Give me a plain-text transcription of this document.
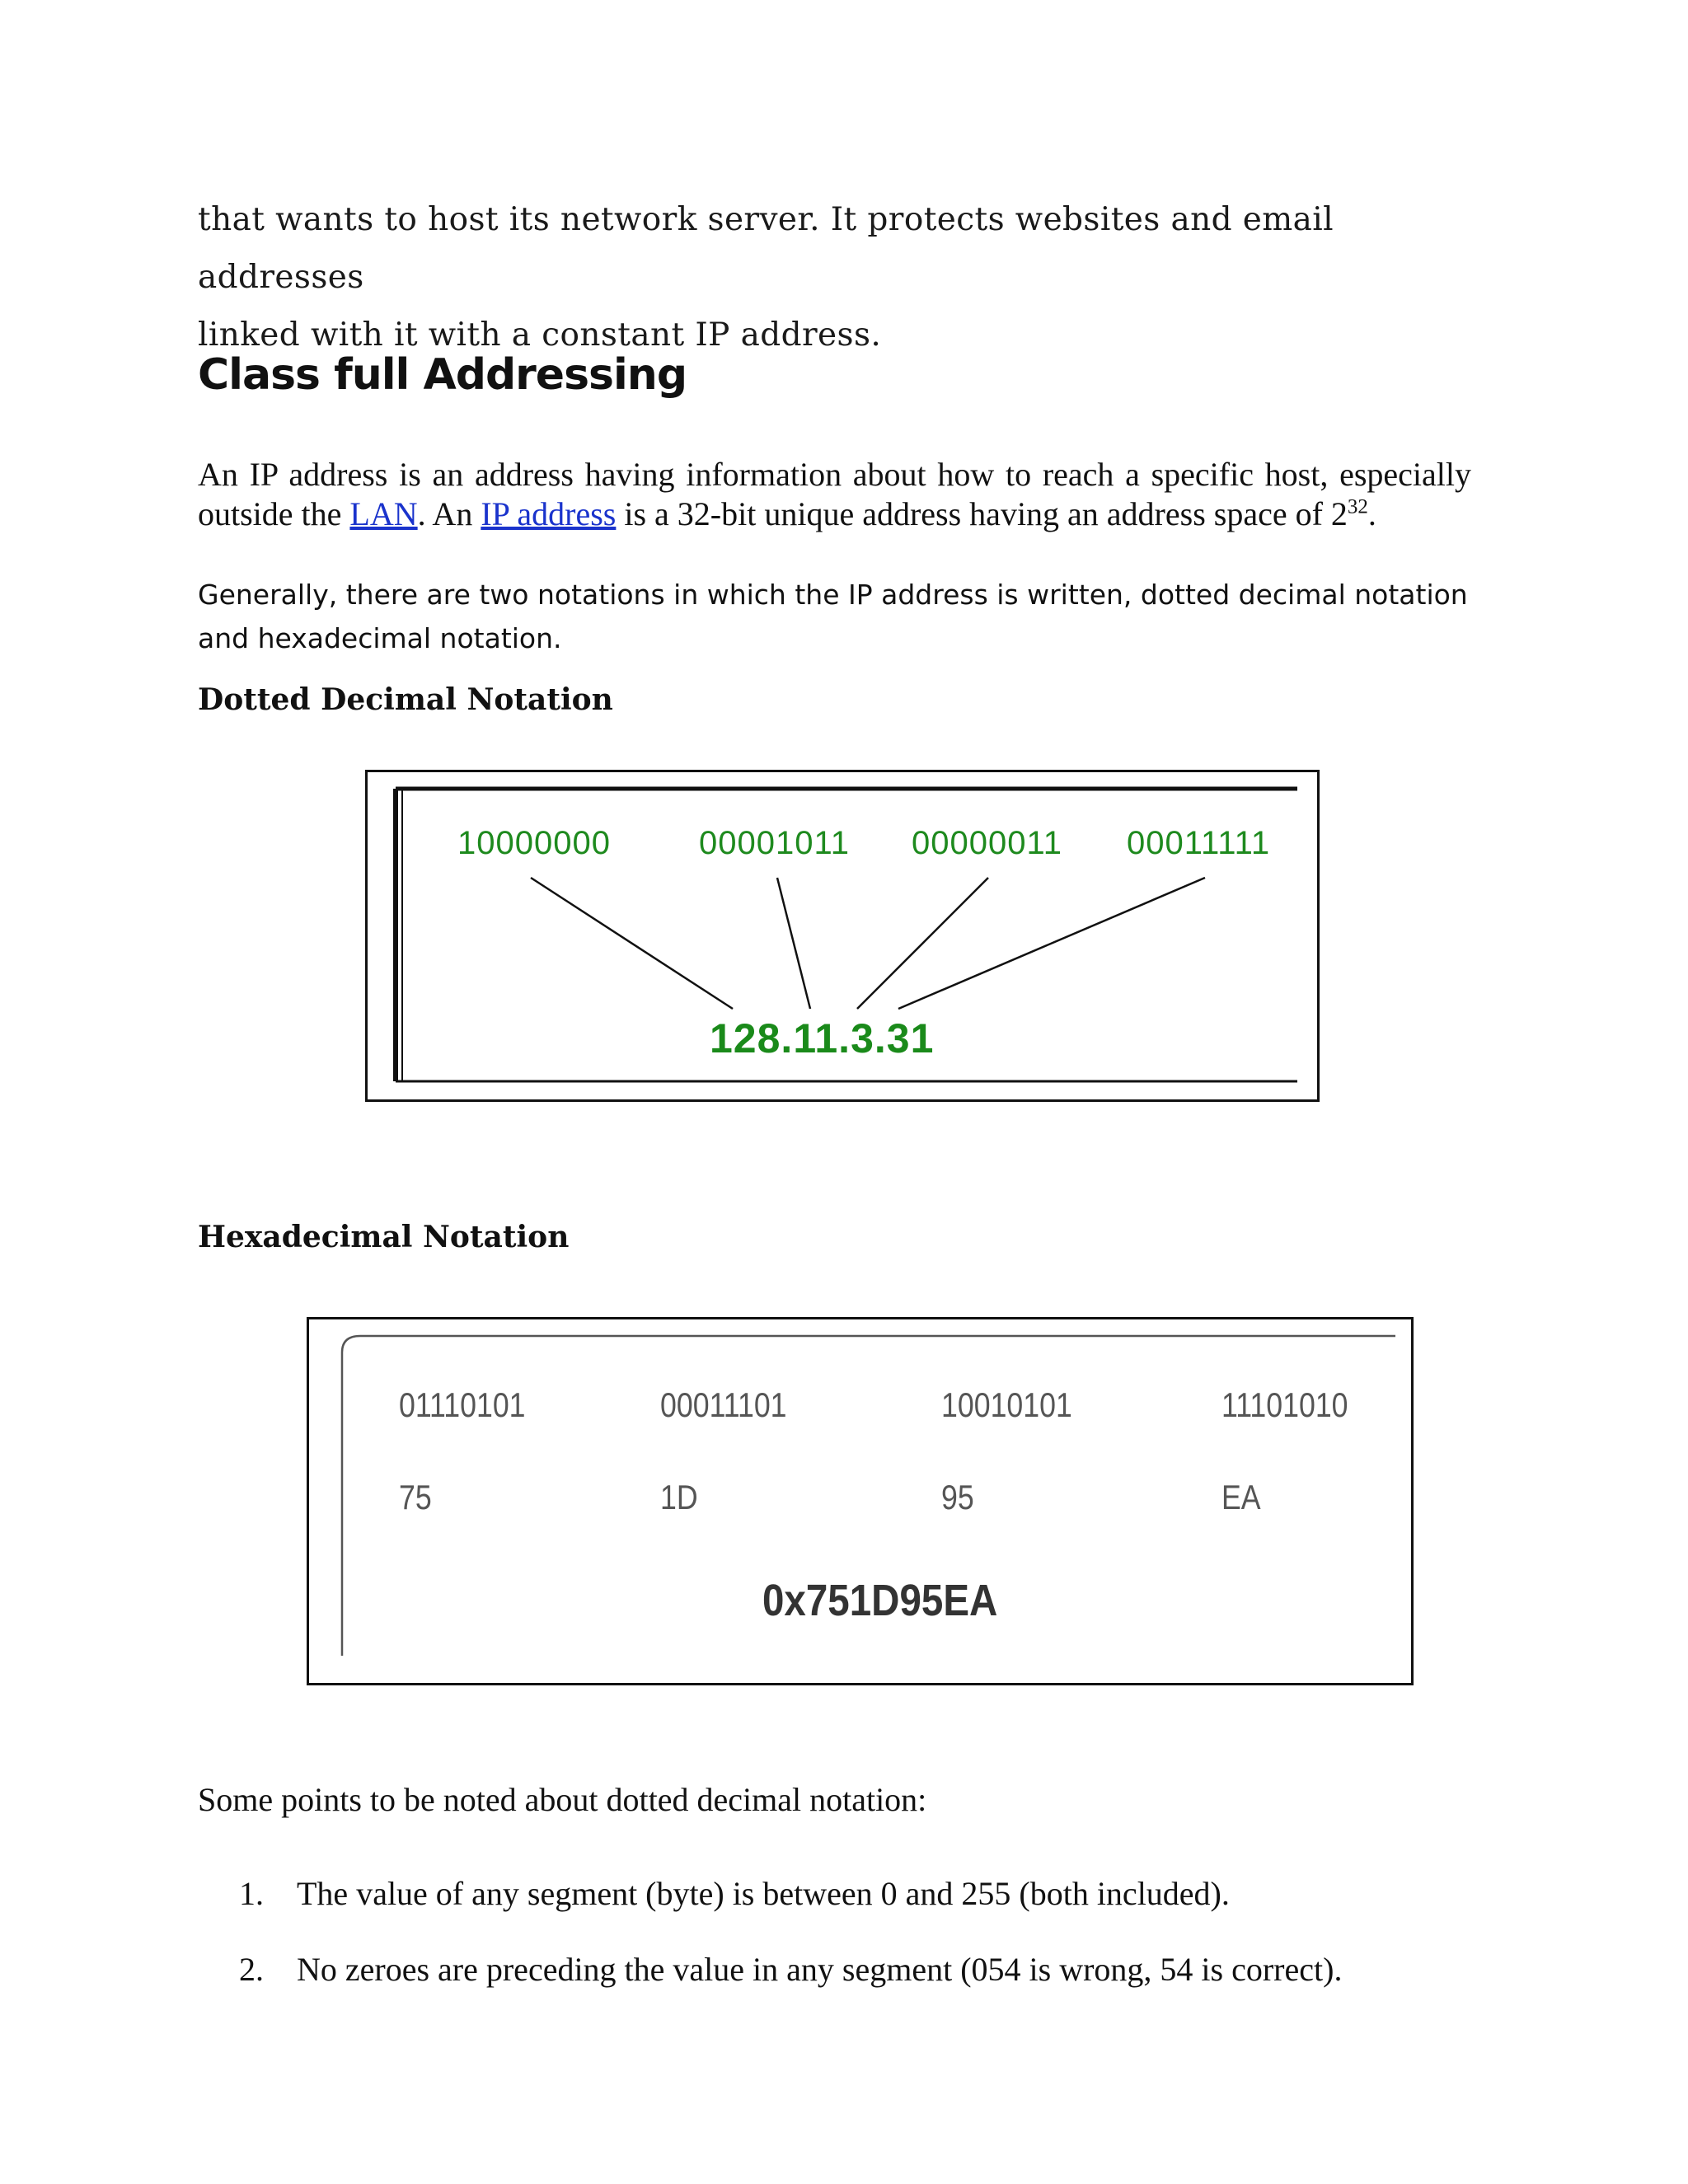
that wants to host its network server. It protects websites and email addresses

linked with it with a constant IP address.

Class full Addressing
An IP address is an address having information about how to reach a specific host, especially outside the LAN. An IP address is a 32-bit unique address having an address space of $2^{32}$.
Generally, there are two notations in which the IP address is written, dotted decimal notation and hexadecimal notation.
Dotted Decimal Notation
10000000	00001011 00000011 00011111
128.11.3.31
Hexadecimal Notation
01110101	00011101	10010101	11101010
75	1D	95	EA
0x751D95EA
Some points to be noted about dotted decimal notation:
1. The value of any segment (byte) is between 0 and 255 (both included).
2. No zeroes are preceding the value in any segment (054 is wrong, 54 is correct).
